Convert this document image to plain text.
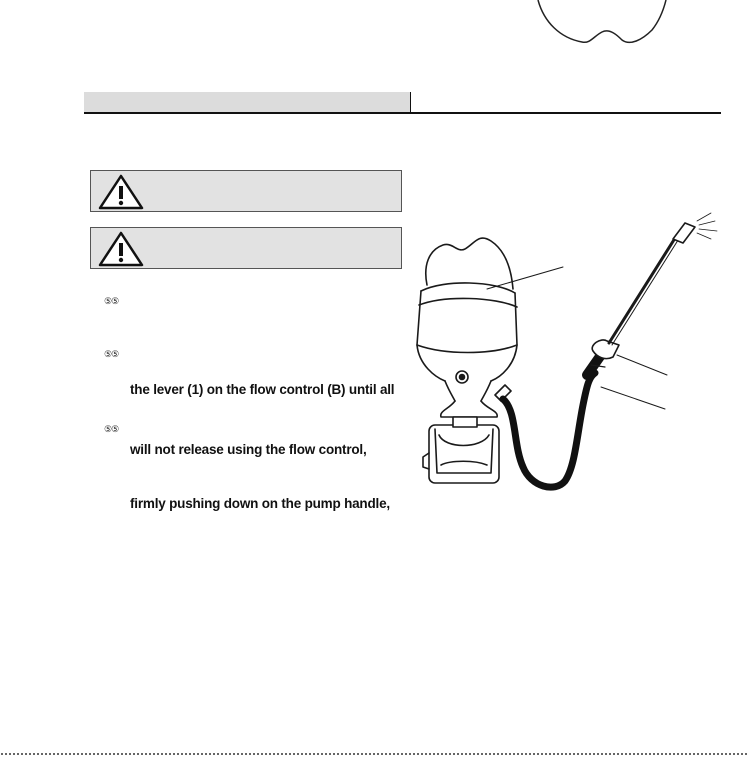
⑤⑤
⑤⑤
⑤⑤
the lever (1) on the flow control (B) until all
will not release using the flow control,
firmly pushing down on the pump handle,
